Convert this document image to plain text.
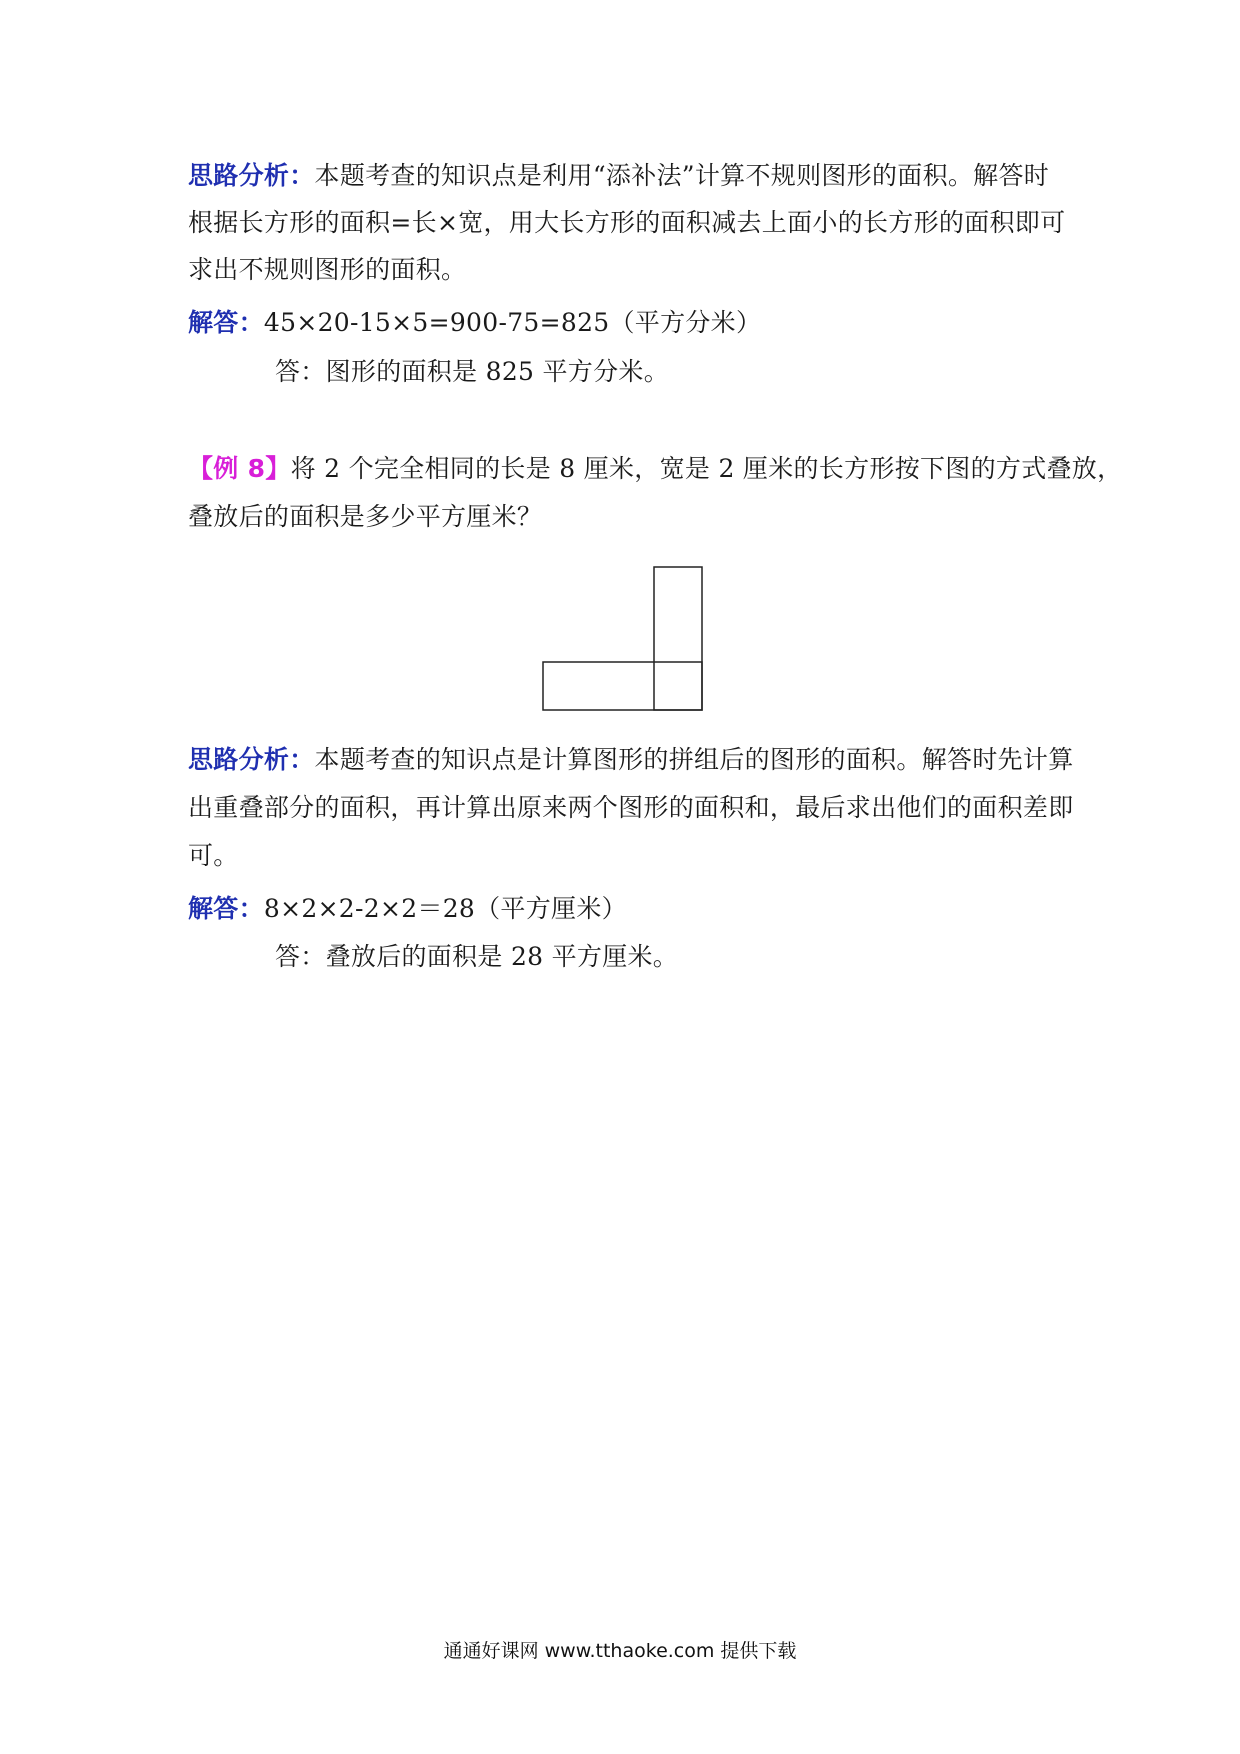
思路分析：本题考查的知识点是利用“添补法”计算不规则图形的面积。解答时
根据长方形的面积=长×宽，用大长方形的面积减去上面小的长方形的面积即可
求出不规则图形的面积。
解答：45×20-15×5=900-75=825（平方分米）
答：图形的面积是 825 平方分米。
【例 8】将 2 个完全相同的长是 8 厘米，宽是 2 厘米的长方形按下图的方式叠放，
叠放后的面积是多少平方厘米？
思路分析：本题考查的知识点是计算图形的拼组后的图形的面积。解答时先计算
出重叠部分的面积，再计算出原来两个图形的面积和，最后求出他们的面积差即
可。
解答：8×2×2-2×2＝28（平方厘米）
答：叠放后的面积是 28 平方厘米。
通通好课网 www.tthaoke.com 提供下载
